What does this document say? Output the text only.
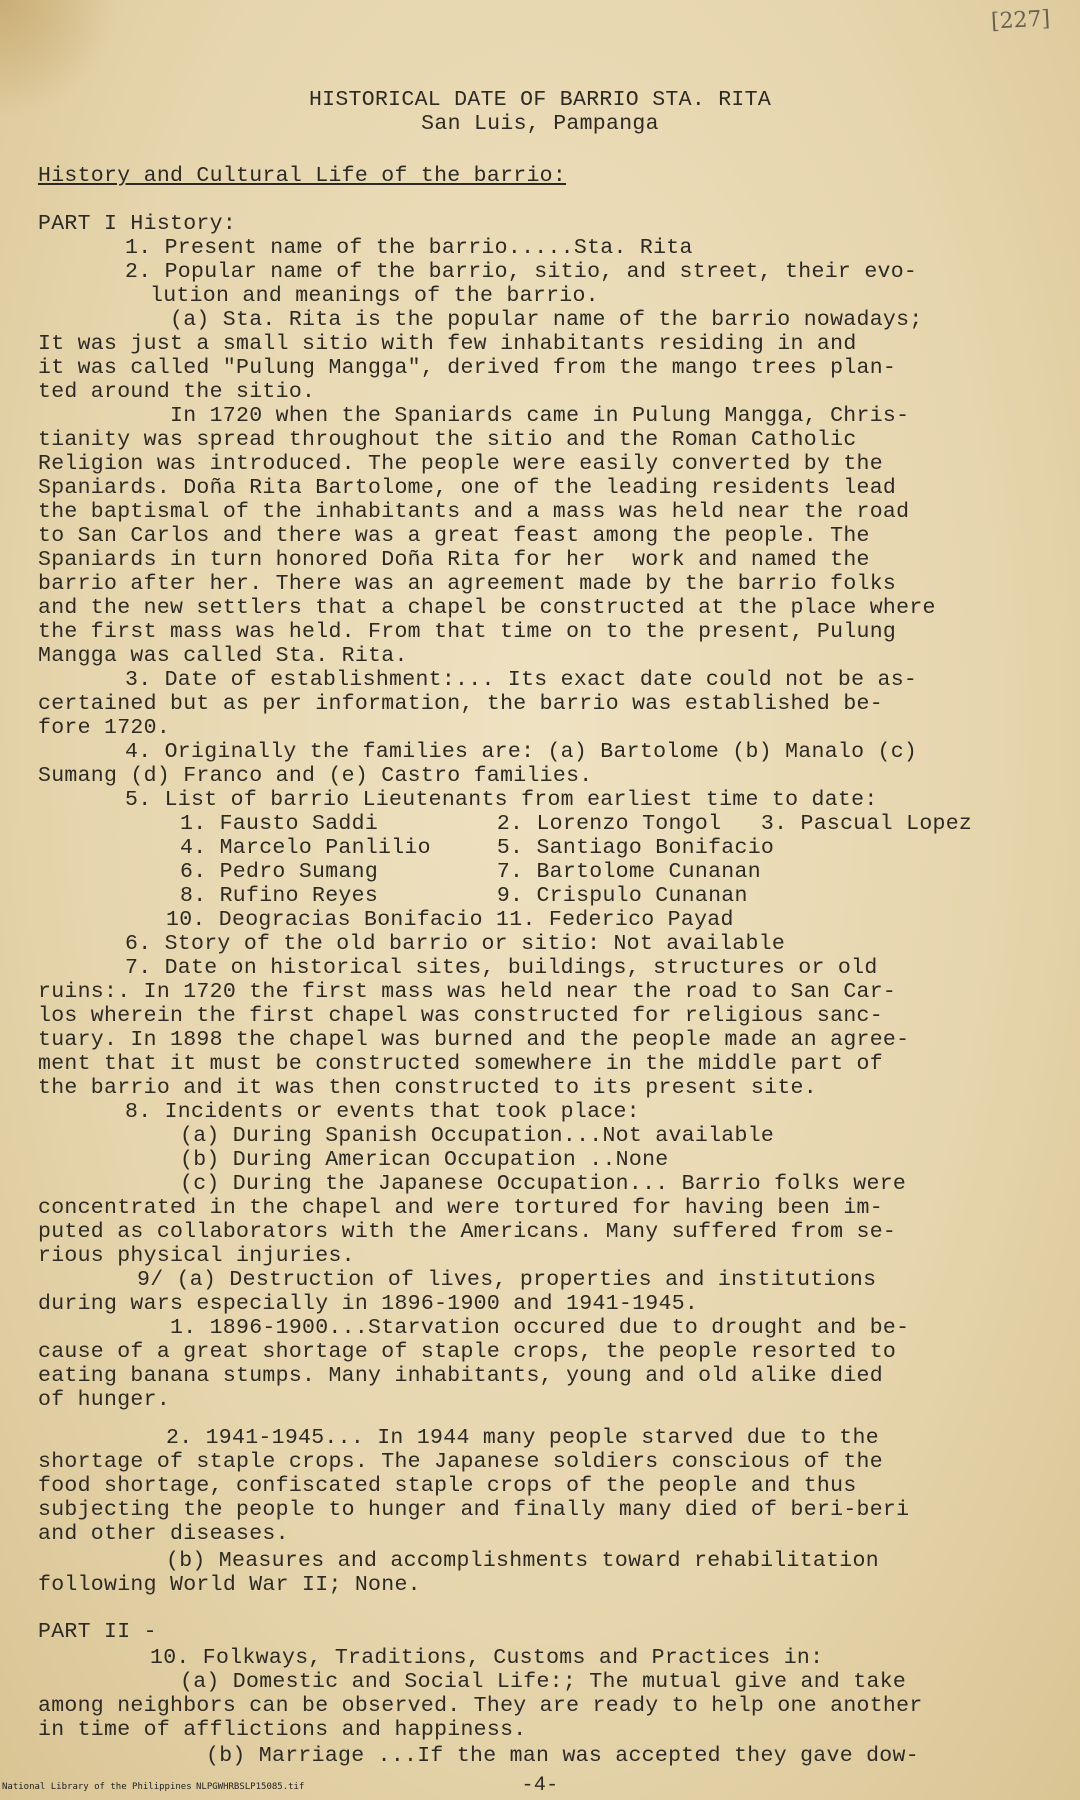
[227]
HISTORICAL DATE OF BARRIO STA. RITA
San Luis, Pampanga
History and Cultural Life of the barrio:
PART I History:
1. Present name of the barrio.....Sta. Rita
2. Popular name of the barrio, sitio, and street, their evo-
lution and meanings of the barrio.
(a) Sta. Rita is the popular name of the barrio nowadays;
It was just a small sitio with few inhabitants residing in and
it was called "Pulung Mangga", derived from the mango trees plan-
ted around the sitio.
In 1720 when the Spaniards came in Pulung Mangga, Chris-
tianity was spread throughout the sitio and the Roman Catholic
Religion was introduced. The people were easily converted by the
Spaniards. Doña Rita Bartolome, one of the leading residents lead
the baptismal of the inhabitants and a mass was held near the road
to San Carlos and there was a great feast among the people. The
Spaniards in turn honored Doña Rita for her  work and named the
barrio after her. There was an agreement made by the barrio folks
and the new settlers that a chapel be constructed at the place where
the first mass was held. From that time on to the present, Pulung
Mangga was called Sta. Rita.
3. Date of establishment:... Its exact date could not be as-
certained but as per information, the barrio was established be-
fore 1720.
4. Originally the families are: (a) Bartolome (b) Manalo (c)
Sumang (d) Franco and (e) Castro families.
5. List of barrio Lieutenants from earliest time to date:
1. Fausto Saddi         2. Lorenzo Tongol   3. Pascual Lopez
4. Marcelo Panlilio     5. Santiago Bonifacio
6. Pedro Sumang         7. Bartolome Cunanan
8. Rufino Reyes         9. Crispulo Cunanan
10. Deogracias Bonifacio 11. Federico Payad
6. Story of the old barrio or sitio: Not available
7. Date on historical sites, buildings, structures or old
ruins:. In 1720 the first mass was held near the road to San Car-
los wherein the first chapel was constructed for religious sanc-
tuary. In 1898 the chapel was burned and the people made an agree-
ment that it must be constructed somewhere in the middle part of
the barrio and it was then constructed to its present site.
8. Incidents or events that took place:
(a) During Spanish Occupation...Not available
(b) During American Occupation ..None
(c) During the Japanese Occupation... Barrio folks were
concentrated in the chapel and were tortured for having been im-
puted as collaborators with the Americans. Many suffered from se-
rious physical injuries.
9/ (a) Destruction of lives, properties and institutions
during wars especially in 1896-1900 and 1941-1945.
1. 1896-1900...Starvation occured due to drought and be-
cause of a great shortage of staple crops, the people resorted to
eating banana stumps. Many inhabitants, young and old alike died
of hunger.
2. 1941-1945... In 1944 many people starved due to the
shortage of staple crops. The Japanese soldiers conscious of the
food shortage, confiscated staple crops of the people and thus
subjecting the people to hunger and finally many died of beri-beri
and other diseases.
(b) Measures and accomplishments toward rehabilitation
following World War II; None.
PART II -
10. Folkways, Traditions, Customs and Practices in:
(a) Domestic and Social Life:; The mutual give and take
among neighbors can be observed. They are ready to help one another
in time of afflictions and happiness.
(b) Marriage ...If the man was accepted they gave dow-
-4-
National Library of the Philippines NLPGWHRBSLP15085.tif
